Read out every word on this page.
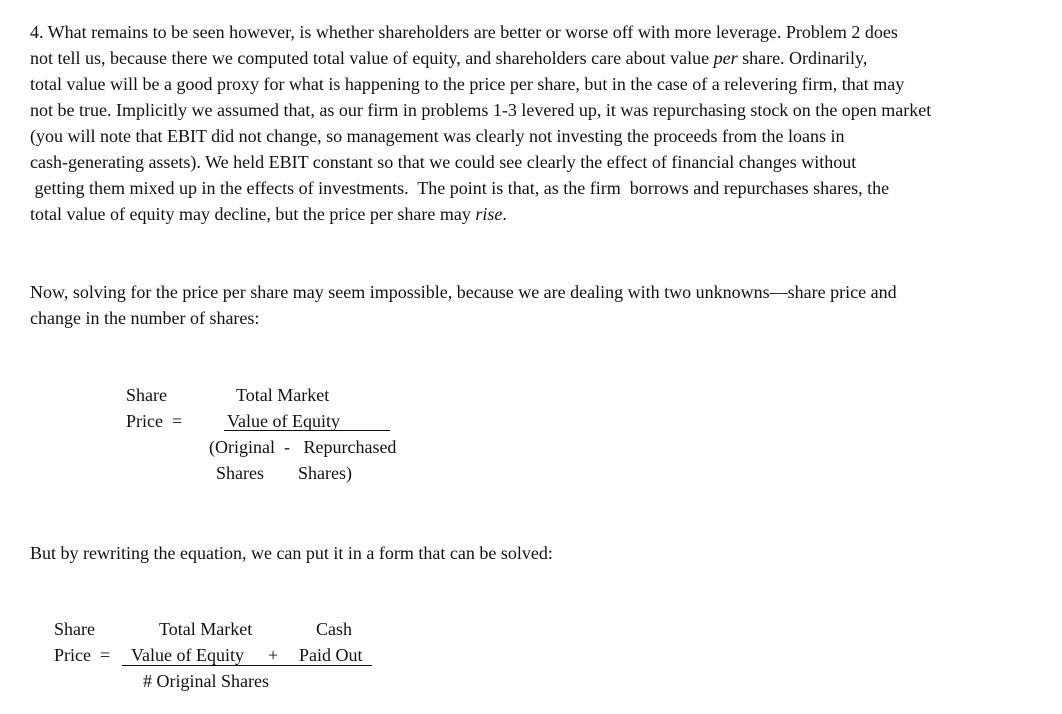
4. What remains to be seen however, is whether shareholders are better or worse off with more leverage. Problem 2 does
not tell us, because there we computed total value of equity, and shareholders care about value per share. Ordinarily,
total value will be a good proxy for what is happening to the price per share, but in the case of a relevering firm, that may
not be true. Implicitly we assumed that, as our firm in problems 1-3 levered up, it was repurchasing stock on the open market
(you will note that EBIT did not change, so management was clearly not investing the proceeds from the loans in
cash-generating assets). We held EBIT constant so that we could see clearly the effect of financial changes without
getting them mixed up in the effects of investments.  The point is that, as the firm  borrows and repurchases shares, the
total value of equity may decline, but the price per share may rise.
Now, solving for the price per share may seem impossible, because we are dealing with two unknowns—share price and
change in the number of shares:
Share
Price  =
Total Market
Value of Equity
(Original  -   Repurchased
Shares Shares)
But by rewriting the equation, we can put it in a form that can be solved:
Share
Price  =
Total Market
Value of Equity +
Cash
Paid Out
# Original Shares
